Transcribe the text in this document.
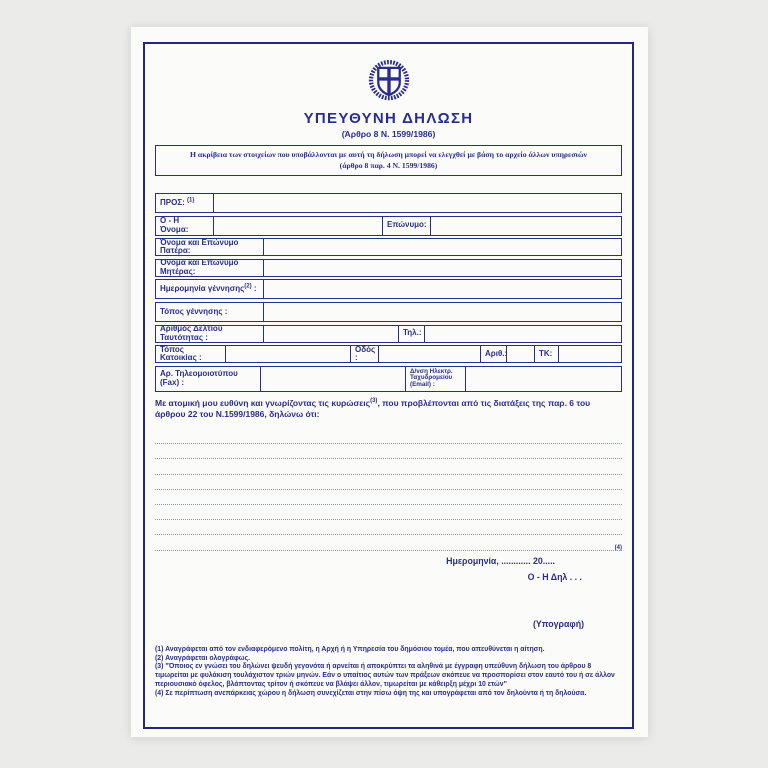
ΥΠΕΥΘΥΝΗ ΔΗΛΩΣΗ
(Άρθρο 8 Ν. 1599/1986)
Η ακρίβεια των στοιχείων που υποβάλλονται με αυτή τη δήλωση μπορεί να ελεγχθεί με βάση το αρχείο άλλων υπηρεσιών
(άρθρο 8 παρ. 4 Ν. 1599/1986)
ΠΡΟΣ: $^{(1)}$
Ο - Η Όνομα:	Επώνυμο:
Όνομα και Επώνυμο Πατέρα:
Όνομα και Επώνυμο Μητέρας:
Ημερομηνία γέννησης$^{(2)}$ :
Τόπος γέννησης :
Αριθμός Δελτίου Ταυτότητας :	Τηλ.:
Τόπος Κατοικίας :
Οδός :	Αριθ.:	ΤΚ:
Αρ. Τηλεομοιοτύπου (Fax) :
Δ/νση Ηλεκτρ. Ταχυδρομείου (Email) :
Με ατομική μου ευθύνη και γνωρίζοντας τις κυρώσεις$^{(3)}$, που προβλέπονται από τις διατάξεις της παρ. 6 του άρθρου 22 του Ν.1599/1986, δηλώνω ότι:
(4)
Ημερομηνία, ............ 20.....
Ο - Η Δηλ . . .
(Υπογραφή)
(1) Αναγράφεται από τον ενδιαφερόμενο πολίτη, η Αρχή ή η Υπηρεσία του δημόσιου τομέα, που απευθύνεται η αίτηση.
(2) Αναγράφεται ολογράφως.
(3) "Όποιος εν γνώσει του δηλώνει ψευδή γεγονότα ή αρνείται ή αποκρύπτει τα αληθινά με έγγραφη υπεύθυνη δήλωση του άρθρου 8 τιμωρείται με φυλάκιση τουλάχιστον τριών μηνών. Εάν ο υπαίτιος αυτών των πράξεων σκόπευε να προσπορίσει στον εαυτό του ή σε άλλον περιουσιακό όφελος, βλάπτοντας τρίτον ή σκόπευε να βλάψει άλλον, τιμωρείται με κάθειρξη μέχρι 10 ετών"
(4) Σε περίπτωση ανεπάρκειας χώρου η δήλωση συνεχίζεται στην πίσω όψη της και υπογράφεται από τον δηλούντα ή τη δηλούσα.
